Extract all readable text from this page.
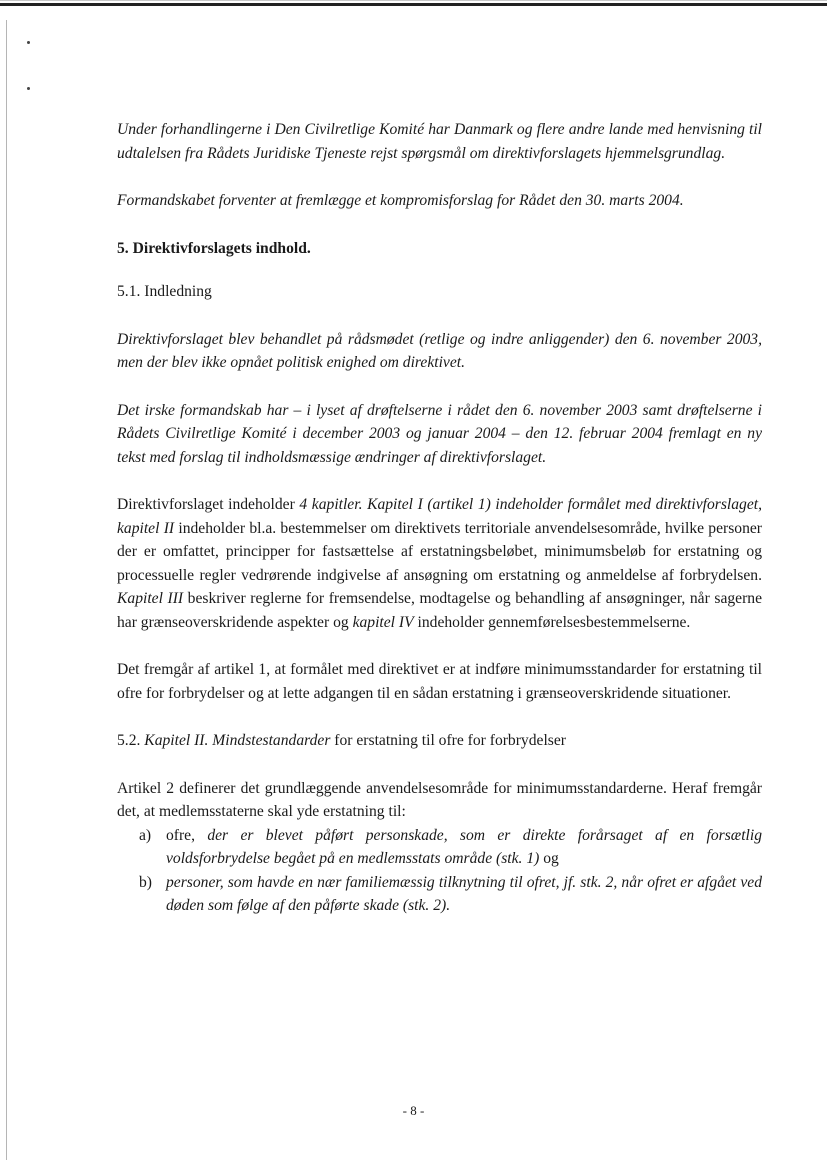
Under forhandlingerne i Den Civilretlige Komité har Danmark og flere andre lande med henvisning til udtalelsen fra Rådets Juridiske Tjeneste rejst spørgsmål om direktivforslagets hjemmelsgrundlag.

Formandskabet forventer at fremlægge et kompromisforslag for Rådet den 30. marts 2004.

5. Direktivforslagets indhold.

5.1. Indledning

Direktivforslaget blev behandlet på rådsmødet (retlige og indre anliggender) den 6. november 2003, men der blev ikke opnået politisk enighed om direktivet.

Det irske formandskab har – i lyset af drøftelserne i rådet den 6. november 2003 samt drøftelserne i Rådets Civilretlige Komité i december 2003 og januar 2004 – den 12. februar 2004 fremlagt en ny tekst med forslag til indholdsmæssige ændringer af direktivforslaget.

Direktivforslaget indeholder 4 kapitler. Kapitel I (artikel 1) indeholder formålet med direktivforslaget, kapitel II indeholder bl.a. bestemmelser om direktivets territoriale anvendelsesområde, hvilke personer der er omfattet, principper for fastsættelse af erstatningsbeløbet, minimumsbeløb for erstatning og processuelle regler vedrørende indgivelse af ansøgning om erstatning og anmeldelse af forbrydelsen. Kapitel III beskriver reglerne for fremsendelse, modtagelse og behandling af ansøgninger, når sagerne har grænseoverskridende aspekter og kapitel IV indeholder gennemførelsesbestemmelserne.

Det fremgår af artikel 1, at formålet med direktivet er at indføre minimumsstandarder for erstatning til ofre for forbrydelser og at lette adgangen til en sådan erstatning i grænseoverskridende situationer.

5.2. Kapitel II. Mindstestandarder for erstatning til ofre for forbrydelser

Artikel 2 definerer det grundlæggende anvendelsesområde for minimumsstandarderne. Heraf fremgår det, at medlemsstaterne skal yde erstatning til:

a) ofre, der er blevet påført personskade, som er direkte forårsaget af en forsætlig voldsforbrydelse begået på en medlemsstats område (stk. 1) og
b) personer, som havde en nær familiemæssig tilknytning til ofret, jf. stk. 2, når ofret er afgået ved døden som følge af den påførte skade (stk. 2).
- 8 -
